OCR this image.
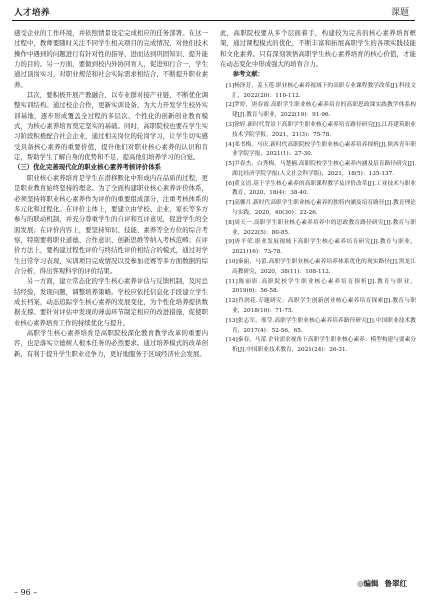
人才培养	课题

感受企业的工作环境，并依照情景设定完成相应的任务部署。在这一过程中，教师要随时关注不同学生相关项目的完成情况，对他们技术操作中遇到的问题进行有针对性的指导，进而达到巩固知识、提升能力的目的。另一方面，要做到校内外协同育人，促进知行合一，学生通过顶岗实习，对职业规范和社会实际需求相结合，不断提升职业素养。

其次，要积极开展产教融合，以专业群对接产业链，不断优化调整实训结构。通过校企合作，更新实训设备，为大力开发学生校外实训基地，逐步形成覆盖全过程的多层次、个性化的创新创业教育模式，为核心素养培育奠定坚实的基础。同时，高职院校也要在学生实习阶段积极配合社会企业，通过相关岗位的轮岗学习，让学生切实感受具备核心素养的重要价值，提升他们对职业核心素养的认识和肯定，帮助学生了解自身的优势和不足，提高他们培养学习的自觉。

（三）优化完善现代化的职业核心素养考核评价体系

职业核心素养培育是学生在潜移默化中形成内在品质的过程，更是职业教育始终坚持的理念。为了全面构建职业核心素养评价体系，必须坚持将职业核心素养作为评价的重要组成部分，注重考核体系的多元化和过程化。在评价主体上，要建立由学校、企业、家长等多方参与的联动机制，并充分尊重学生的自评和互评意见，促进学生的全面发展；在评价内容上，要坚持知识、技能、素养等全方位的综合考察，特别要将职业道德、合作意识、创新思维等纳入考核范畴；在评价方法上，要构建过程性评价与终结性评价相结合的模式，通过对学生日常学习表现、实训项目完成情况以及参加竞赛等多方面数据的综合分析，得出客观科学的评价结果。

另一方面，建立常态化的学生核心素养评估与反馈机制，及时总结经验，发现问题，调整培养策略。学校应依托信息化手段建立学生成长档案，动态追踪学生核心素养的发展变化，为个性化培养提供数据支撑。要针对评估中发现的薄弱环节制定相应的改进措施，促使职业核心素养培育工作的持续优化与提升。

高职学生核心素养培育是高职院校深化教育教学改革的重要内容，也是落实立德树人根本任务的必然要求。通过培养模式的改革创新，有利于提升学生职业竞争力，更好地服务于区域经济社会发展。

此，高职院校要从多个层面着手，构建较为完善的核心素养培育框架，通过课程模式的优化，不断丰富和拓展高职学生的各项实践技能和文化素养。只有深刻领悟高职学生核心素养培育的核心价值，才能在动态变化中形成强大的培育合力。

参考文献：

[1]杨泽芳，姜玉莲.职业核心素养视域下的高职专业课程教学改革[J].科技文汇，2022(20)：110-112.

[2]罗婷，唐春霞.高职学生职业核心素养培育的高职思政课实践教学体系构建[J].教育与职业，2022(19)：91-96.

[3]徐婷.新时代背景下高职学生职业核心素养培育路径研究[J].江苏建筑职业技术学院学报，2021，21(3)：75-78.

[4]邓书梅，马庆.新时代高职院校学生职业核心素养培养探析[J].陕西青年职业学院学报，2021(1)：27-30.

[5]尹春杰，白秀梅，马楚楠.高职院校学生核心素养内涵及培育路径研究[J].湖北经济学院学报(人文社会科学版)，2021，18(5)：135-137.

[6]黄文清.基于学生核心素养的高职课程教学及评价改革[J].工业技术与职业教育，2020，18(4)：38-40.

[7]高馨月.新时代高职学生职业核心素养的独特内涵及培育路径[J].教育理论与实践，2020，40(30)：22-26.

[8]周天一.高职学生职业核心素养培养中的思政教育路径研究[J].教育与职业，2022(5)：80-85.

[9]唐平荣.职业发展视域下高职学生核心素养培育研究[J].教育与职业，2021(16)：73-78.

[10]秦丽，马蕾.高职学生职业核心素养培养体系优化的现实路径[J].黑龙江高教研究，2020，38(11)：108-112.

[11]陈丽影.高职院校学生职业核心素养培育探析[J].教育与职业，2019(6)：56-58.

[12]肖润花.专题研究：高职学生创新创业核心素养培育探索[J].教育与职业，2018(10)：71-75.

[13]张志军，邢莹.高职学生职业核心素养培养路径研究[J].中国职业技术教育，2017(4)：52-56，65.

[14]秦春，马蕾.企业需求视角下高职学生职业核心素养：模型构建与要素分析[J].中国职业技术教育，2021(24)：26-31.

◎编辑 鲁翠红
– 96 –
